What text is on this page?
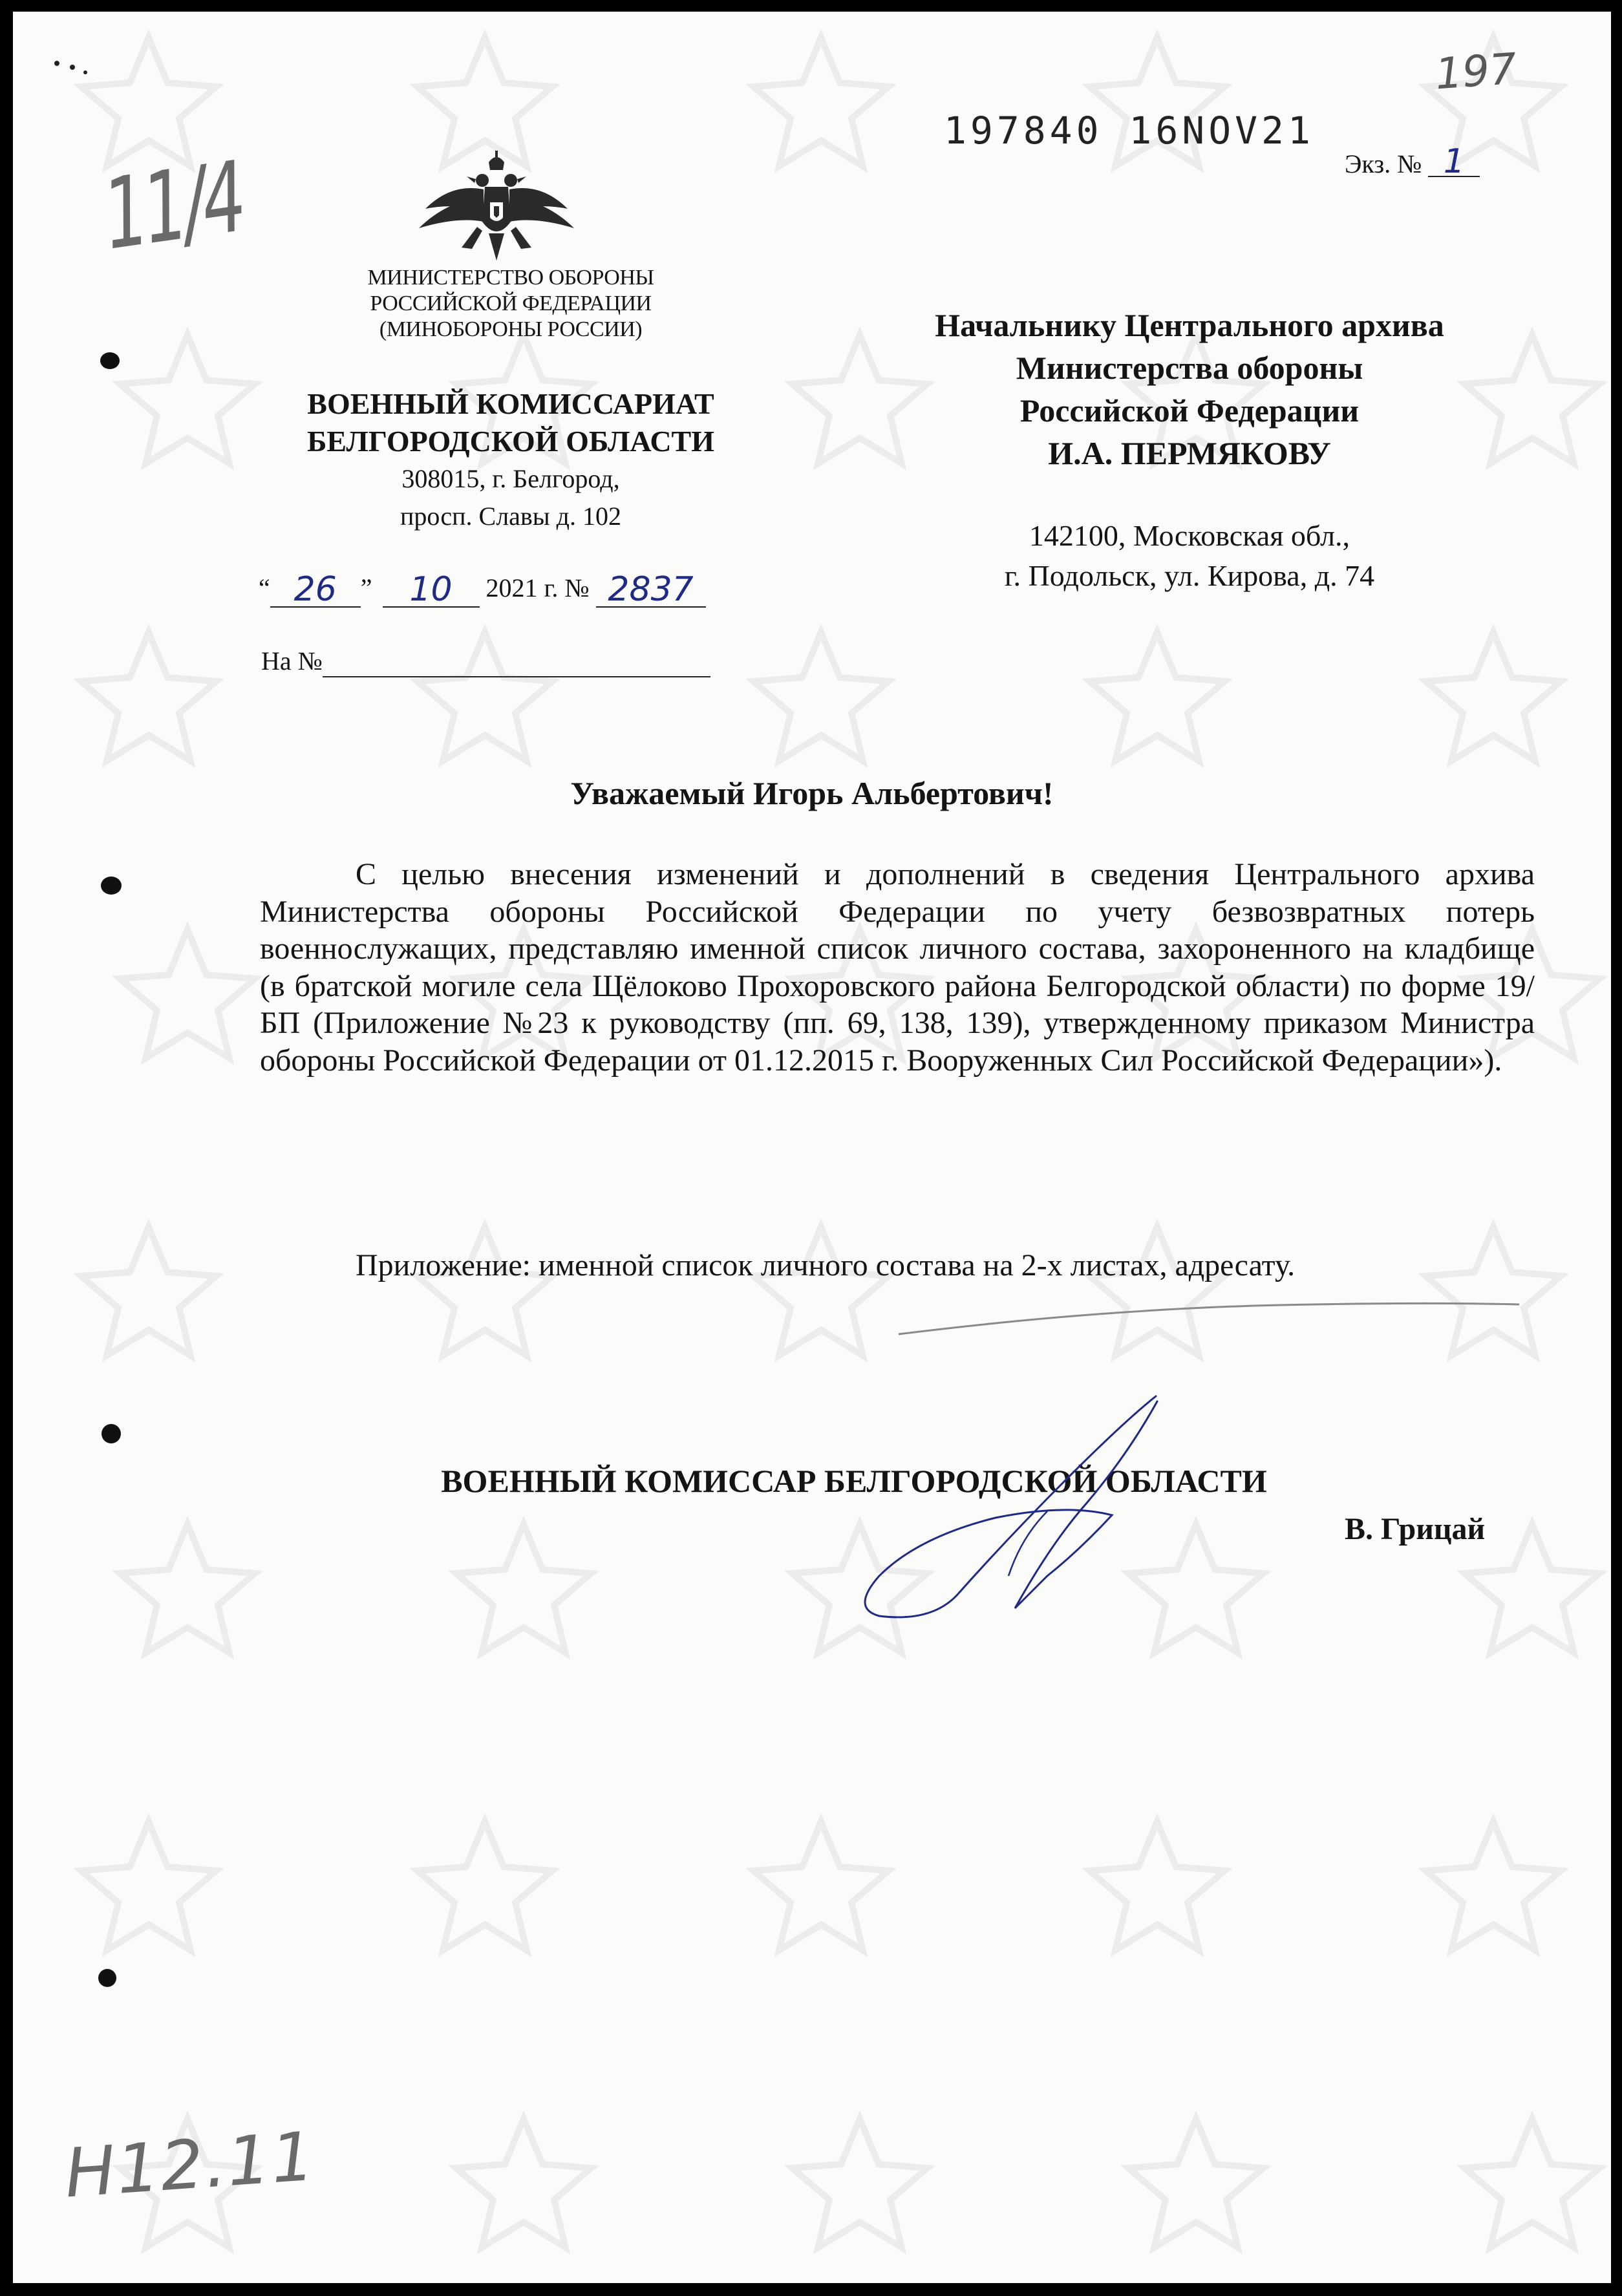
МИНИСТЕРСТВО ОБОРОНЫ
РОССИЙСКОЙ ФЕДЕРАЦИИ
(МИНОБОРОНЫ РОССИИ)
ВОЕННЫЙ КОМИССАРИАТ
БЕЛГОРОДСКОЙ ОБЛАСТИ
308015, г. Белгород,
просп. Славы д. 102
“ 26 ” 10 2021 г. № 2837
На №
197840 16NOV21
Экз. № 1
Начальнику Центрального архива
Министерства обороны
Российской Федерации
И.А. ПЕРМЯКОВУ
142100, Московская обл.,
г. Подольск, ул. Кирова, д. 74
Уважаемый Игорь Альбертович!
С целью внесения изменений и дополнений в сведения Центрального архива Министерства обороны Российской Федерации по учету безвозвратных потерь военнослужащих, представляю именной список личного состава, захороненного на кладбище (в братской могиле села Щёлоково Прохоровского района Белгородской области) по форме 19/БП (Приложение №23 к руководству (пп. 69, 138, 139), утвержденному приказом Министра обороны Российской Федерации от 01.12.2015 г. Вооруженных Сил Российской Федерации»).
Приложение: именной список личного состава на 2-х листах, адресату.
ВОЕННЫЙ КОМИССАР БЕЛГОРОДСКОЙ ОБЛАСТИ
В. Грицай
197
11/4
Н12.11
